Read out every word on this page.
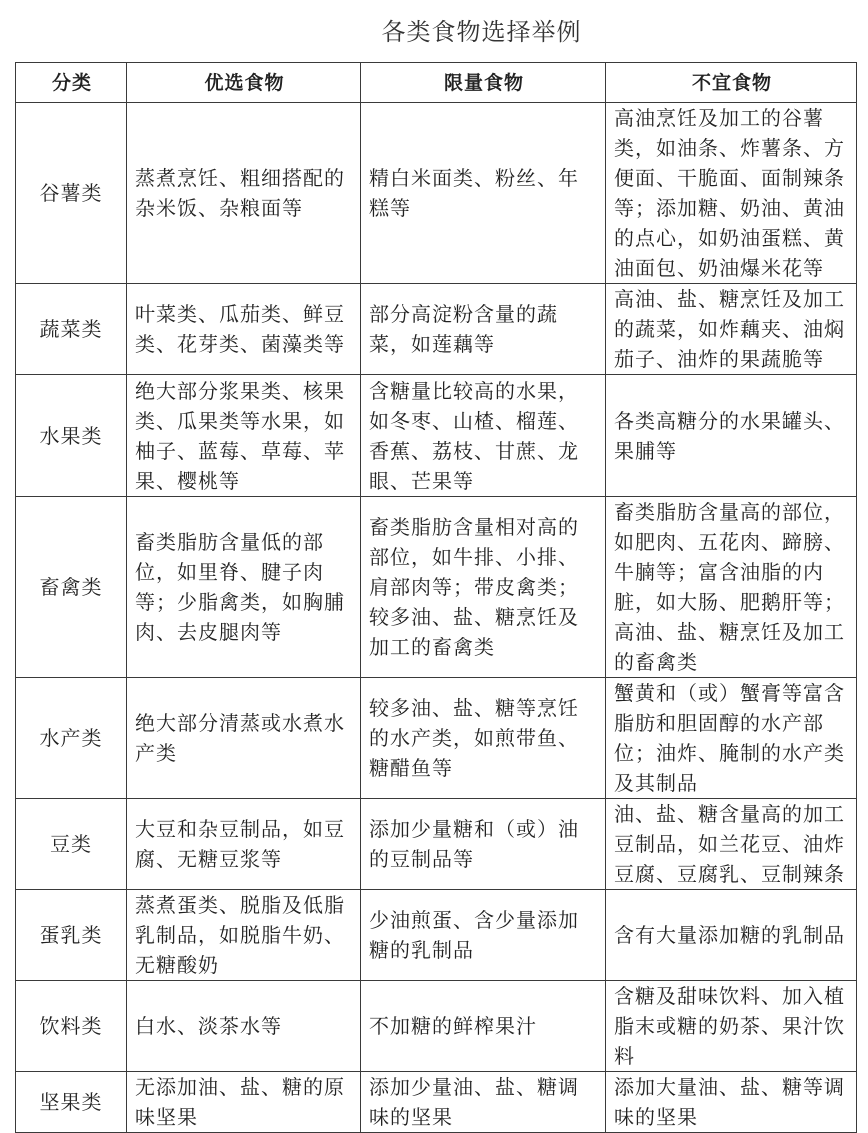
各类食物选择举例
分类	优选食物	限量食物	不宜食物
谷薯类	蒸煮烹饪、粗细搭配的杂米饭、杂粮面等	精白米面类、粉丝、年糕等	高油烹饪及加工的谷薯类，如油条、炸薯条、方便面、干脆面、面制辣条等；添加糖、奶油、黄油的点心，如奶油蛋糕、黄油面包、奶油爆米花等
蔬菜类	叶菜类、瓜茄类、鲜豆类、花芽类、菌藻类等	部分高淀粉含量的蔬菜，如莲藕等	高油、盐、糖烹饪及加工的蔬菜，如炸藕夹、油焖茄子、油炸的果蔬脆等
水果类	绝大部分浆果类、核果类、瓜果类等水果，如柚子、蓝莓、草莓、苹果、樱桃等	含糖量比较高的水果，如冬枣、山楂、榴莲、香蕉、荔枝、甘蔗、龙眼、芒果等	各类高糖分的水果罐头、果脯等
畜禽类	畜类脂肪含量低的部位，如里脊、腱子肉等；少脂禽类，如胸脯肉、去皮腿肉等	畜类脂肪含量相对高的部位，如牛排、小排、肩部肉等；带皮禽类；较多油、盐、糖烹饪及加工的畜禽类	畜类脂肪含量高的部位，如肥肉、五花肉、蹄膀、牛腩等；富含油脂的内脏，如大肠、肥鹅肝等；高油、盐、糖烹饪及加工的畜禽类
水产类	绝大部分清蒸或水煮水产类	较多油、盐、糖等烹饪的水产类，如煎带鱼、糖醋鱼等	蟹黄和（或）蟹膏等富含脂肪和胆固醇的水产部位；油炸、腌制的水产类及其制品
豆类	大豆和杂豆制品，如豆腐、无糖豆浆等	添加少量糖和（或）油的豆制品等	油、盐、糖含量高的加工豆制品，如兰花豆、油炸豆腐、豆腐乳、豆制辣条
蛋乳类	蒸煮蛋类、脱脂及低脂乳制品，如脱脂牛奶、无糖酸奶	少油煎蛋、含少量添加糖的乳制品	含有大量添加糖的乳制品
饮料类	白水、淡茶水等	不加糖的鲜榨果汁	含糖及甜味饮料、加入植脂末或糖的奶茶、果汁饮料
坚果类	无添加油、盐、糖的原味坚果	添加少量油、盐、糖调味的坚果	添加大量油、盐、糖等调味的坚果
